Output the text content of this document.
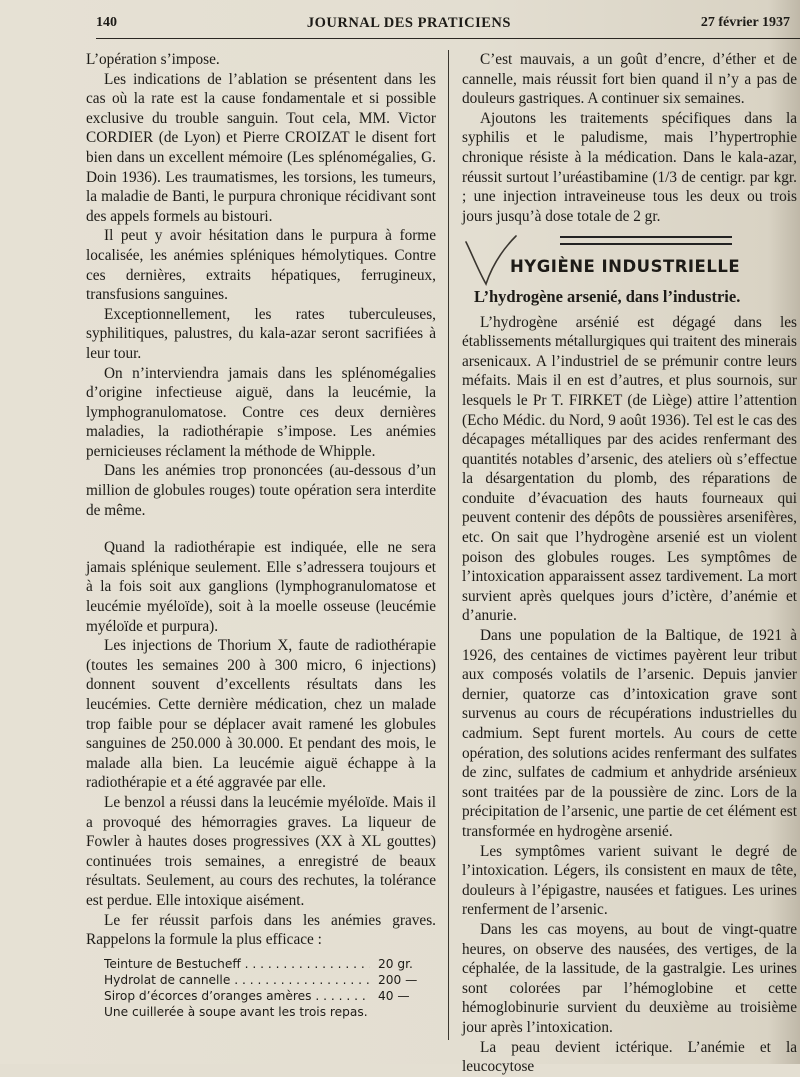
140	JOURNAL DES PRATICIENS	27 février 1937

L’opération s’impose.

Les indications de l’ablation se présentent dans les cas où la rate est la cause fondamentale et si possible exclusive du trouble sanguin. Tout cela, MM. Victor CORDIER (de Lyon) et Pierre CROIZAT le disent fort bien dans un excellent mémoire (Les splénomégalies, G. Doin 1936). Les traumatismes, les torsions, les tumeurs, la maladie de Banti, le purpura chronique récidivant sont des appels formels au bistouri.

Il peut y avoir hésitation dans le purpura à forme localisée, les anémies spléniques hémolytiques. Contre ces dernières, extraits hépatiques, ferrugineux, transfusions sanguines.

Exceptionnellement, les rates tuberculeuses, syphilitiques, palustres, du kala-azar seront sacrifiées à leur tour.

On n’interviendra jamais dans les splénomégalies d’origine infectieuse aiguë, dans la leucémie, la lymphogranulomatose. Contre ces deux dernières maladies, la radiothérapie s’impose. Les anémies pernicieuses réclament la méthode de Whipple.

Dans les anémies trop prononcées (au-dessous d’un million de globules rouges) toute opération sera interdite de même.

Quand la radiothérapie est indiquée, elle ne sera jamais splénique seulement. Elle s’adressera toujours et à la fois soit aux ganglions (lymphogranulomatose et leucémie myéloïde), soit à la moelle osseuse (leucémie myéloïde et purpura).

Les injections de Thorium X, faute de radiothérapie (toutes les semaines 200 à 300 micro, 6 injections) donnent souvent d’excellents résultats dans les leucémies. Cette dernière médication, chez un malade trop faible pour se déplacer avait ramené les globules sanguines de 250.000 à 30.000. Et pendant des mois, le malade alla bien. La leucémie aiguë échappe à la radiothérapie et a été aggravée par elle.

Le benzol a réussi dans la leucémie myéloïde. Mais il a provoqué des hémorragies graves. La liqueur de Fowler à hautes doses progressives (XX à XL gouttes) continuées trois semaines, a enregistré de beaux résultats. Seulement, au cours des rechutes, la tolérance est perdue. Elle intoxique aisément.

Le fer réussit parfois dans les anémies graves. Rappelons la formule la plus efficace :

Teinture de Bestucheff . . .	20 gr.
Hydrolat de cannelle . . .	200 —
Sirop d’écorces d’oranges amères . . .	40 —
Une cuillerée à soupe avant les trois repas.

C’est mauvais, a un goût d’encre, d’éther et de cannelle, mais réussit fort bien quand il n’y a pas de douleurs gastriques. A continuer six semaines.

Ajoutons les traitements spécifiques dans la syphilis et le paludisme, mais l’hypertrophie chronique résiste à la médication. Dans le kala-azar, réussit surtout l’uréastibamine (1/3 de centigr. par kgr. ; une injection intraveineuse tous les deux ou trois jours jusqu’à dose totale de 2 gr.

HYGIÈNE INDUSTRIELLE
L’hydrogène arsenié, dans l’industrie.

L’hydrogène arsénié est dégagé dans les établissements métallurgiques qui traitent des minerais arsenicaux. A l’industriel de se prémunir contre leurs méfaits. Mais il en est d’autres, et plus sournois, sur lesquels le Pr T. FIRKET (de Liège) attire l’attention (Echo Médic. du Nord, 9 août 1936). Tel est le cas des décapages métalliques par des acides renfermant des quantités notables d’arsenic, des ateliers où s’effectue la désargentation du plomb, des réparations de conduite d’évacuation des hauts fourneaux qui peuvent contenir des dépôts de poussières arsenifères, etc. On sait que l’hydrogène arsenié est un violent poison des globules rouges. Les symptômes de l’intoxication apparaissent assez tardivement. La mort survient après quelques jours d’ictère, d’anémie et d’anurie.

Dans une population de la Baltique, de 1921 à 1926, des centaines de victimes payèrent leur tribut aux composés volatils de l’arsenic. Depuis janvier dernier, quatorze cas d’intoxication grave sont survenus au cours de récupérations industrielles du cadmium. Sept furent mortels. Au cours de cette opération, des solutions acides renfermant des sulfates de zinc, sulfates de cadmium et anhydride arsénieux sont traitées par de la poussière de zinc. Lors de la précipitation de l’arsenic, une partie de cet élément est transformée en hydrogène arsenié.

Les symptômes varient suivant le degré de l’intoxication. Légers, ils consistent en maux de tête, douleurs à l’épigastre, nausées et fatigues. Les urines renferment de l’arsenic.

Dans les cas moyens, au bout de vingt-quatre heures, on observe des nausées, des vertiges, de la céphalée, de la lassitude, de la gastralgie. Les urines sont colorées par l’hémoglobine et cette hémoglobinurie survient du deuxième au troisième jour après l’intoxication.

La peau devient ictérique. L’anémie et la leucocytose
